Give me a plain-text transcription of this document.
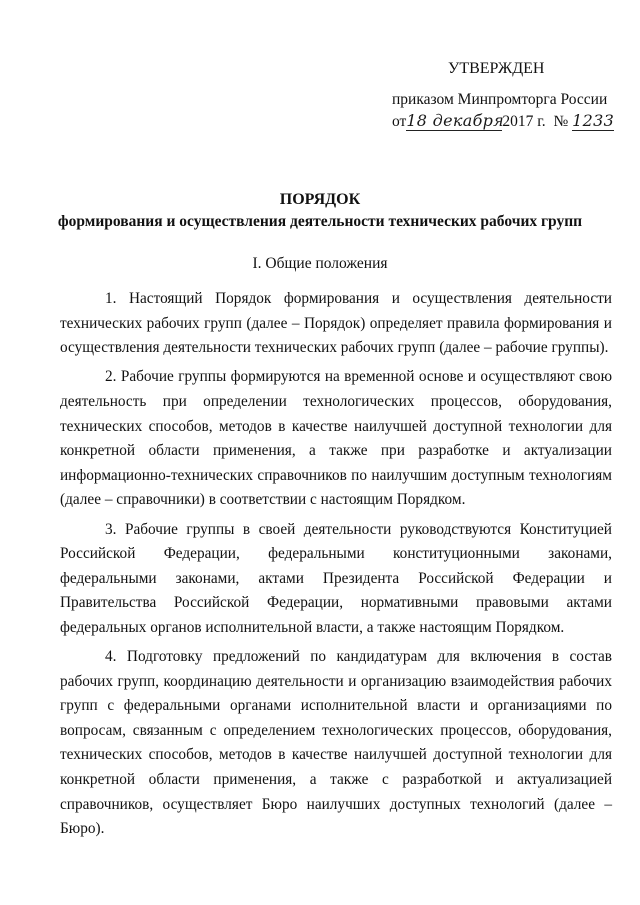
УТВЕРЖДЕН
приказом Минпромторга России
от18 декабря2017 г. № 1233
ПОРЯДОК
формирования и осуществления деятельности технических рабочих групп
I. Общие положения

1. Настоящий Порядок формирования и осуществления деятельности технических рабочих групп (далее – Порядок) определяет правила формирования и осуществления деятельности технических рабочих групп (далее – рабочие группы).

2. Рабочие группы формируются на временной основе и осуществляют свою деятельность при определении технологических процессов, оборудования, технических способов, методов в качестве наилучшей доступной технологии для конкретной области применения, а также при разработке и актуализации информационно-технических справочников по наилучшим доступным технологиям (далее – справочники) в соответствии с настоящим Порядком.

3. Рабочие группы в своей деятельности руководствуются Конституцией Российской Федерации, федеральными конституционными законами, федеральными законами, актами Президента Российской Федерации и Правительства Российской Федерации, нормативными правовыми актами федеральных органов исполнительной власти, а также настоящим Порядком.

4. Подготовку предложений по кандидатурам для включения в состав рабочих групп, координацию деятельности и организацию взаимодействия рабочих групп с федеральными органами исполнительной власти и организациями по вопросам, связанным с определением технологических процессов, оборудования, технических способов, методов в качестве наилучшей доступной технологии для конкретной области применения, а также с разработкой и актуализацией справочников, осуществляет Бюро наилучших доступных технологий (далее – Бюро).
